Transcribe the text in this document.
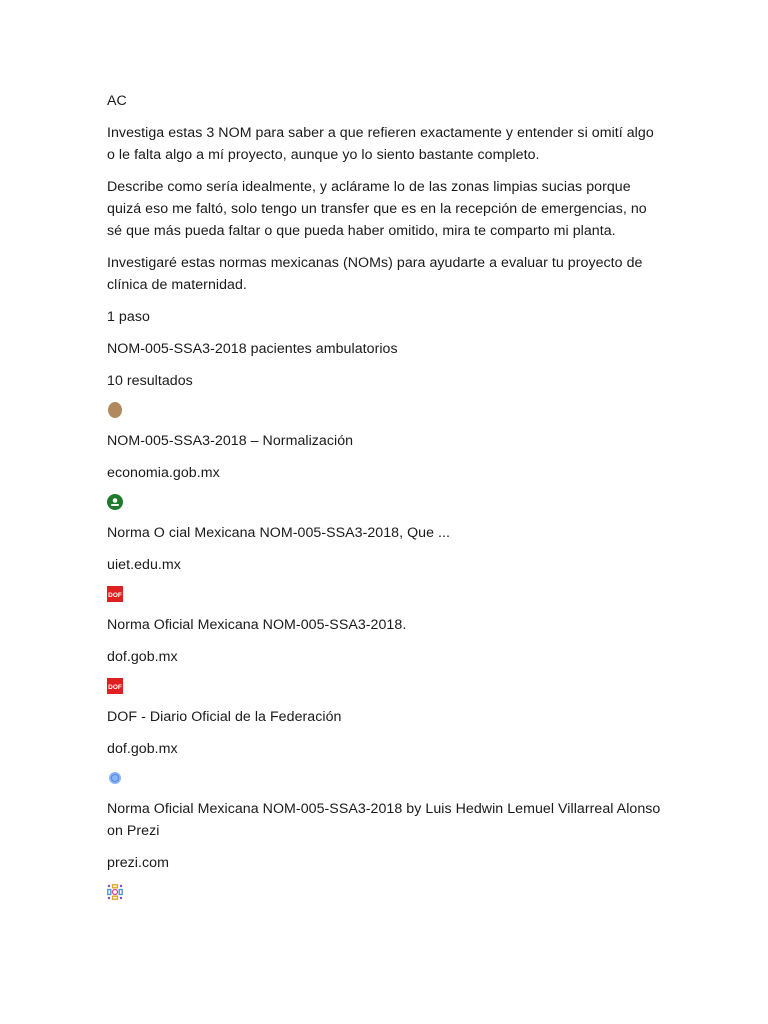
AC

Investiga estas 3 NOM para saber a que refieren exactamente y entender si omití algo o le falta algo a mí proyecto, aunque yo lo siento bastante completo.

Describe como sería idealmente, y aclárame lo de las zonas limpias sucias porque quizá eso me faltó, solo tengo un transfer que es en la recepción de emergencias, no sé que más pueda faltar o que pueda haber omitido, mira te comparto mi planta.

Investigaré estas normas mexicanas (NOMs) para ayudarte a evaluar tu proyecto de clínica de maternidad.

1 paso

NOM-005-SSA3-2018 pacientes ambulatorios

10 resultados

NOM-005-SSA3-2018 – Normalización

economia.gob.mx

Norma O cial Mexicana NOM-005-SSA3-2018, Que ...

uiet.edu.mx

DOF

Norma Oficial Mexicana NOM-005-SSA3-2018.

dof.gob.mx

DOF

DOF - Diario Oficial de la Federación

dof.gob.mx

Norma Oficial Mexicana NOM-005-SSA3-2018 by Luis Hedwin Lemuel Villarreal Alonso on Prezi

prezi.com
